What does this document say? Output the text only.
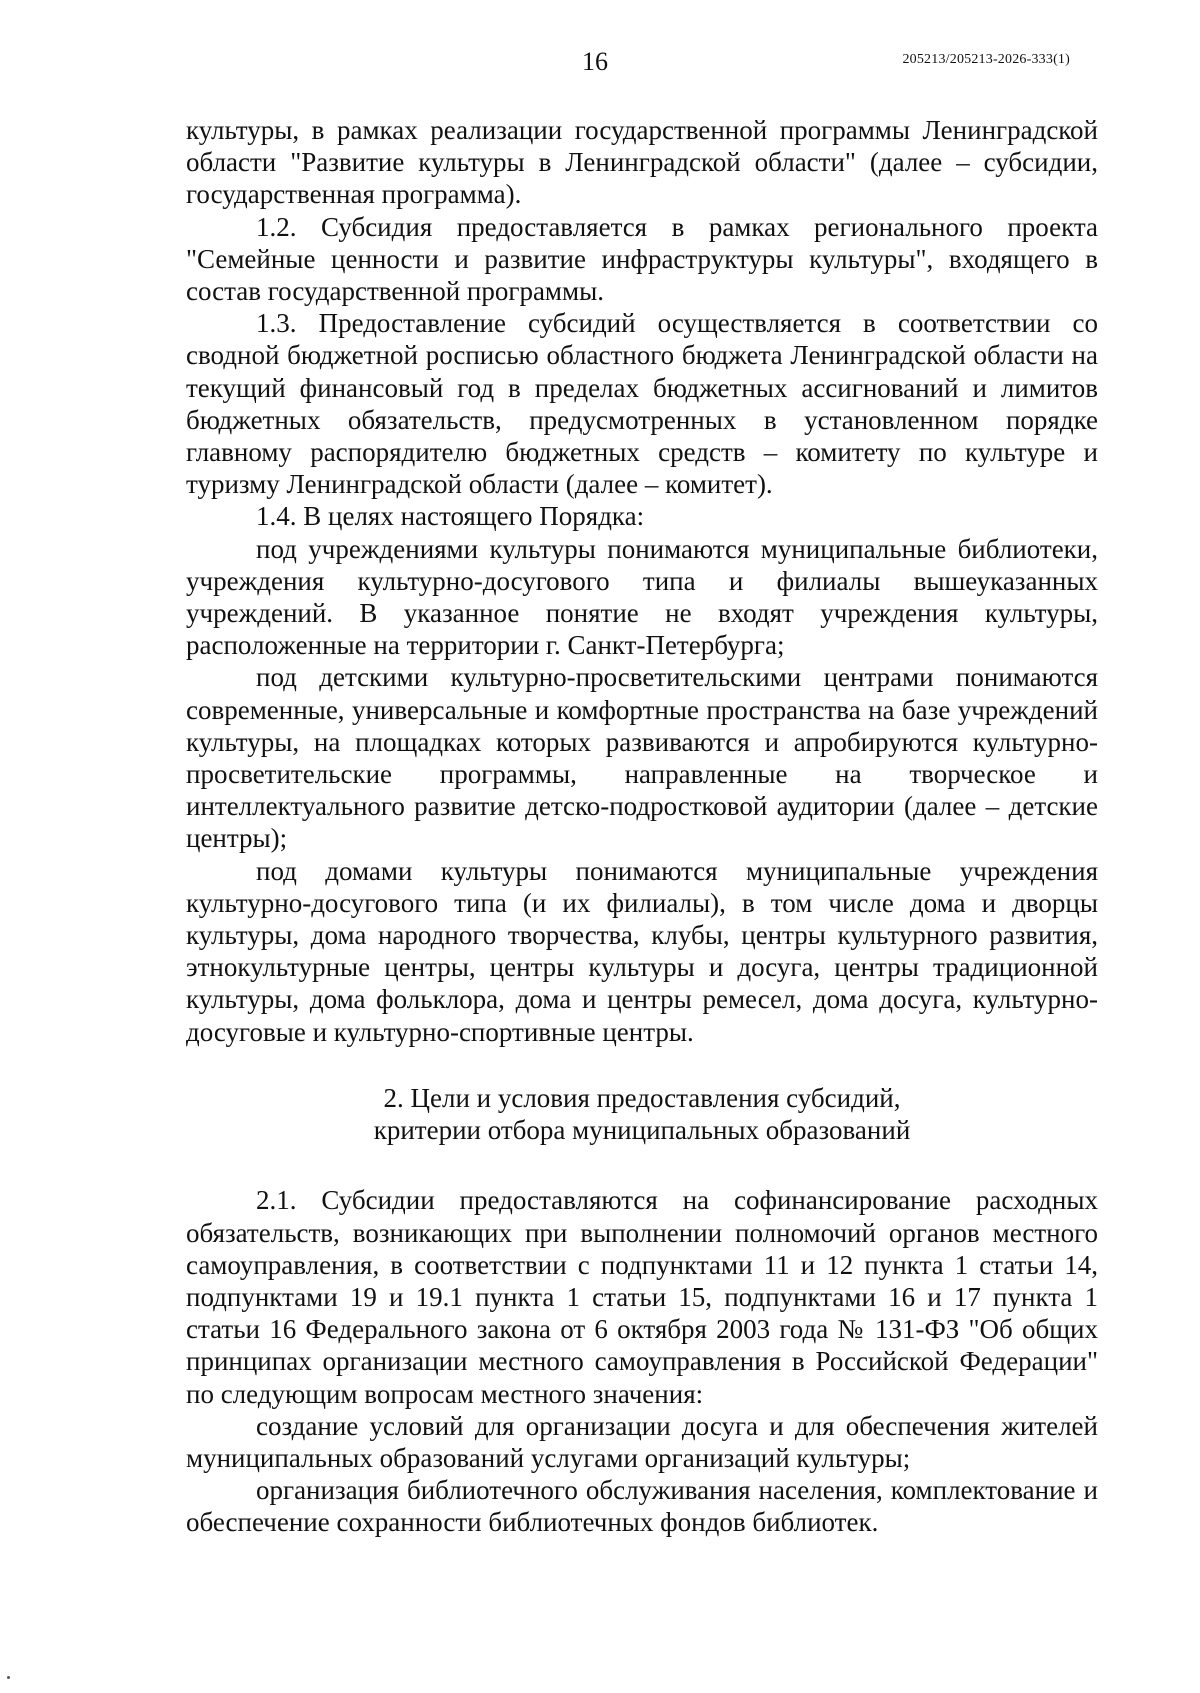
16	205213/205213-2026-333(1)

культуры, в рамках реализации государственной программы Ленинградской области "Развитие культуры в Ленинградской области" (далее – субсидии, государственная программа).

1.2. Субсидия предоставляется в рамках регионального проекта "Семейные ценности и развитие инфраструктуры культуры", входящего в состав государственной программы.

1.3. Предоставление субсидий осуществляется в соответствии со сводной бюджетной росписью областного бюджета Ленинградской области на текущий финансовый год в пределах бюджетных ассигнований и лимитов бюджетных обязательств, предусмотренных в установленном порядке главному распорядителю бюджетных средств – комитету по культуре и туризму Ленинградской области (далее – комитет).

1.4. В целях настоящего Порядка:

под учреждениями культуры понимаются муниципальные библиотеки, учреждения культурно-досугового типа и филиалы вышеуказанных учреждений. В указанное понятие не входят учреждения культуры, расположенные на территории г. Санкт-Петербурга;

под детскими культурно-просветительскими центрами понимаются современные, универсальные и комфортные пространства на базе учреждений культуры, на площадках которых развиваются и апробируются культурно-просветительские программы, направленные на творческое и интеллектуального развитие детско-подростковой аудитории (далее – детские центры);

под домами культуры понимаются муниципальные учреждения культурно-досугового типа (и их филиалы), в том числе дома и дворцы культуры, дома народного творчества, клубы, центры культурного развития, этнокультурные центры, центры культуры и досуга, центры традиционной культуры, дома фольклора, дома и центры ремесел, дома досуга, культурно-досуговые и культурно-спортивные центры.

2. Цели и условия предоставления субсидий,
критерии отбора муниципальных образований

2.1. Субсидии предоставляются на софинансирование расходных обязательств, возникающих при выполнении полномочий органов местного самоуправления, в соответствии с подпунктами 11 и 12 пункта 1 статьи 14, подпунктами 19 и 19.1 пункта 1 статьи 15, подпунктами 16 и 17 пункта 1 статьи 16 Федерального закона от 6 октября 2003 года № 131-ФЗ "Об общих принципах организации местного самоуправления в Российской Федерации" по следующим вопросам местного значения:

создание условий для организации досуга и для обеспечения жителей муниципальных образований услугами организаций культуры;

организация библиотечного обслуживания населения, комплектование и обеспечение сохранности библиотечных фондов библиотек.
